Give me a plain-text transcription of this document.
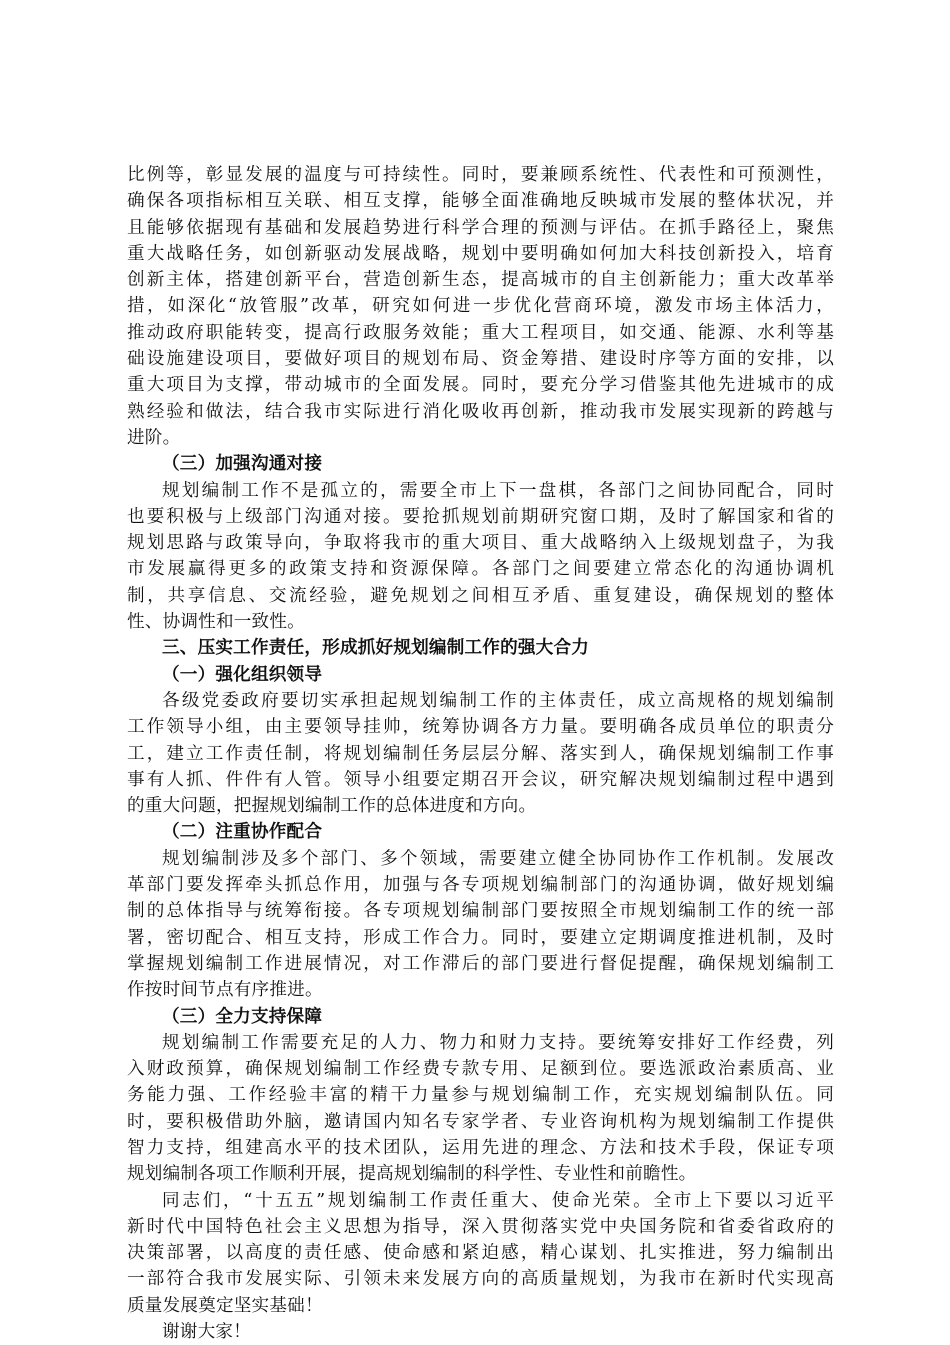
比例等，彰显发展的温度与可持续性。同时，要兼顾系统性、代表性和可预测性，
确保各项指标相互关联、相互支撑，能够全面准确地反映城市发展的整体状况，并
且能够依据现有基础和发展趋势进行科学合理的预测与评估。在抓手路径上，聚焦
重大战略任务，如创新驱动发展战略，规划中要明确如何加大科技创新投入，培育
创新主体，搭建创新平台，营造创新生态，提高城市的自主创新能力；重大改革举
措，如深化“放管服”改革，研究如何进一步优化营商环境，激发市场主体活力，
推动政府职能转变，提高行政服务效能；重大工程项目，如交通、能源、水利等基
础设施建设项目，要做好项目的规划布局、资金筹措、建设时序等方面的安排，以
重大项目为支撑，带动城市的全面发展。同时，要充分学习借鉴其他先进城市的成
熟经验和做法，结合我市实际进行消化吸收再创新，推动我市发展实现新的跨越与
进阶。
（三）加强沟通对接
规划编制工作不是孤立的，需要全市上下一盘棋，各部门之间协同配合，同时
也要积极与上级部门沟通对接。要抢抓规划前期研究窗口期，及时了解国家和省的
规划思路与政策导向，争取将我市的重大项目、重大战略纳入上级规划盘子，为我
市发展赢得更多的政策支持和资源保障。各部门之间要建立常态化的沟通协调机
制，共享信息、交流经验，避免规划之间相互矛盾、重复建设，确保规划的整体
性、协调性和一致性。
三、压实工作责任，形成抓好规划编制工作的强大合力
（一）强化组织领导
各级党委政府要切实承担起规划编制工作的主体责任，成立高规格的规划编制
工作领导小组，由主要领导挂帅，统筹协调各方力量。要明确各成员单位的职责分
工，建立工作责任制，将规划编制任务层层分解、落实到人，确保规划编制工作事
事有人抓、件件有人管。领导小组要定期召开会议，研究解决规划编制过程中遇到
的重大问题，把握规划编制工作的总体进度和方向。
（二）注重协作配合
规划编制涉及多个部门、多个领域，需要建立健全协同协作工作机制。发展改
革部门要发挥牵头抓总作用，加强与各专项规划编制部门的沟通协调，做好规划编
制的总体指导与统筹衔接。各专项规划编制部门要按照全市规划编制工作的统一部
署，密切配合、相互支持，形成工作合力。同时，要建立定期调度推进机制，及时
掌握规划编制工作进展情况，对工作滞后的部门要进行督促提醒，确保规划编制工
作按时间节点有序推进。
（三）全力支持保障
规划编制工作需要充足的人力、物力和财力支持。要统筹安排好工作经费，列
入财政预算，确保规划编制工作经费专款专用、足额到位。要选派政治素质高、业
务能力强、工作经验丰富的精干力量参与规划编制工作，充实规划编制队伍。同
时，要积极借助外脑，邀请国内知名专家学者、专业咨询机构为规划编制工作提供
智力支持，组建高水平的技术团队，运用先进的理念、方法和技术手段，保证专项
规划编制各项工作顺利开展，提高规划编制的科学性、专业性和前瞻性。
同志们，“十五五”规划编制工作责任重大、使命光荣。全市上下要以习近平
新时代中国特色社会主义思想为指导，深入贯彻落实党中央国务院和省委省政府的
决策部署，以高度的责任感、使命感和紧迫感，精心谋划、扎实推进，努力编制出
一部符合我市发展实际、引领未来发展方向的高质量规划，为我市在新时代实现高
质量发展奠定坚实基础！
谢谢大家！
